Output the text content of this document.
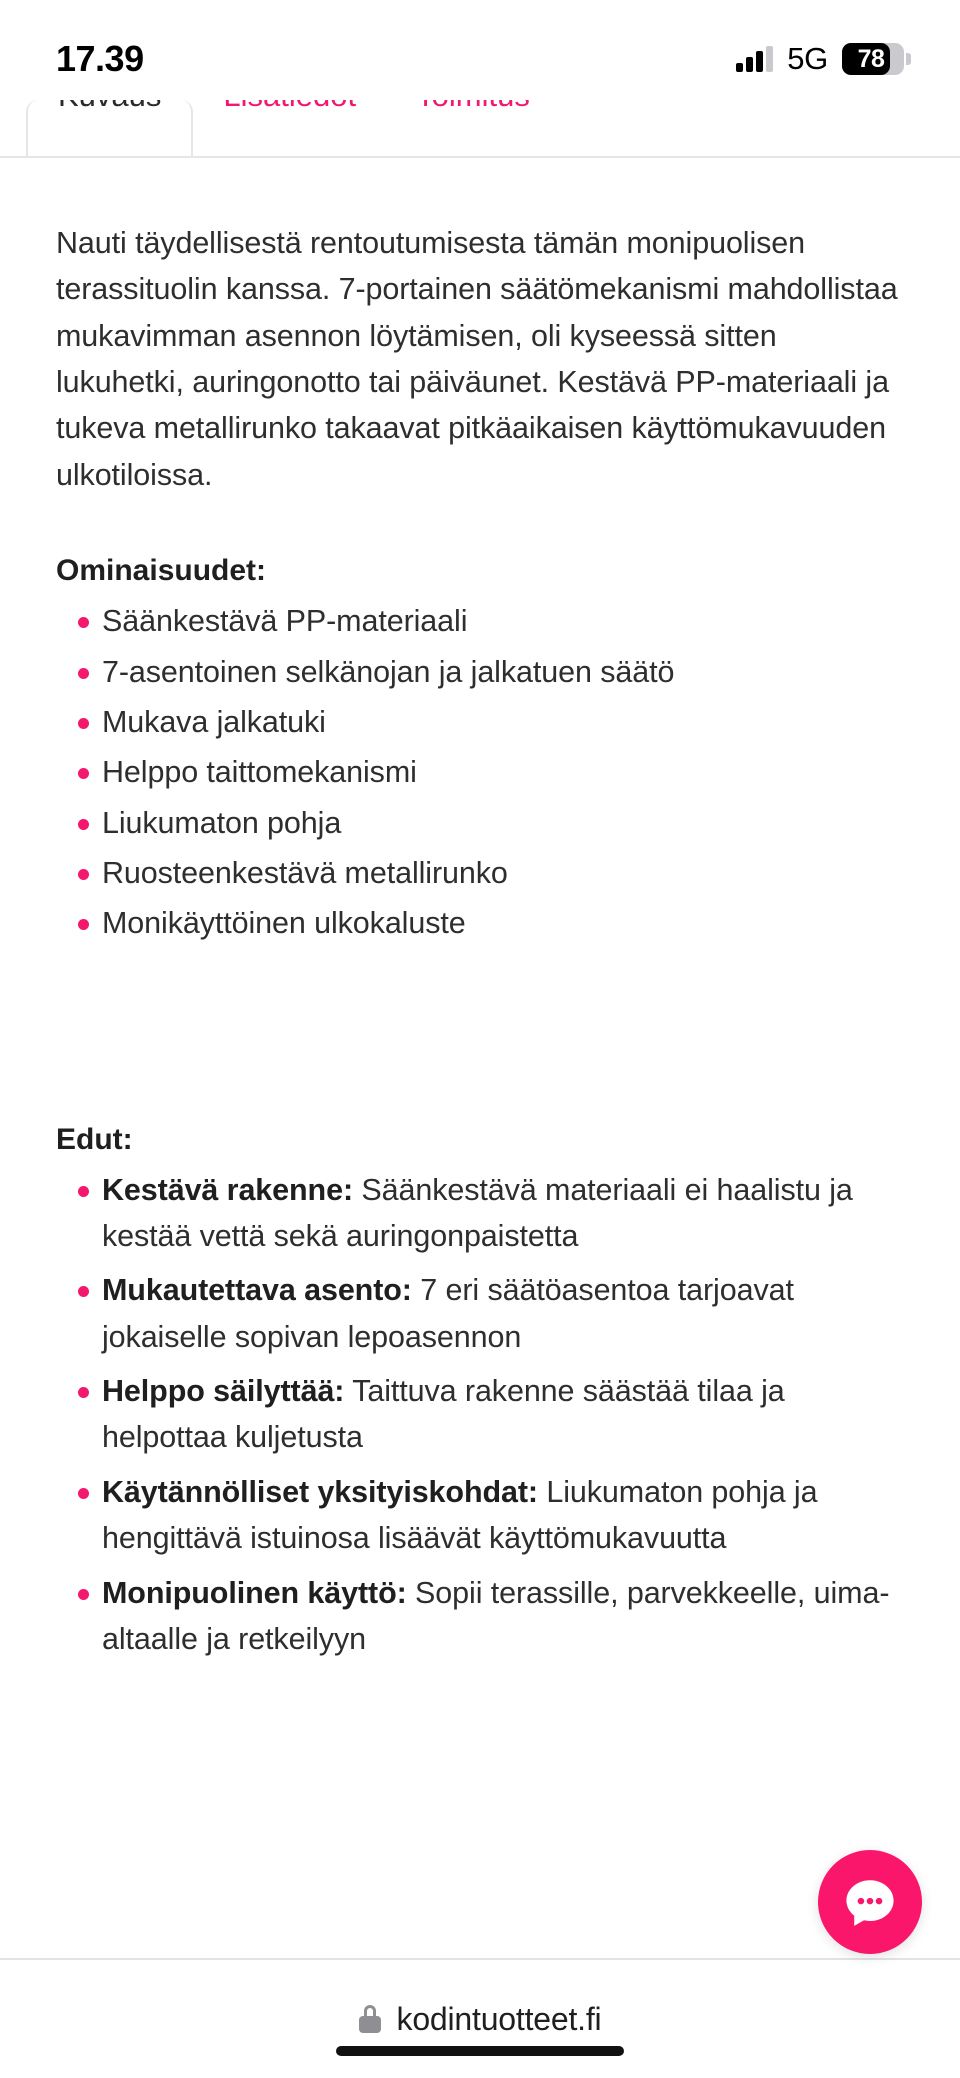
17.39	5G	78

Nauti täydellisestä rentoutumisesta tämän monipuolisen terassituolin kanssa. 7-portainen säätömekanismi mahdollistaa mukavimman asennon löytämisen, oli kyseessä sitten lukuhetki, auringonotto tai päiväunet. Kestävä PP-materiaali ja tukeva metallirunko takaavat pitkäaikaisen käyttömukavuuden ulkotiloissa.

Ominaisuudet:
Säänkestävä PP-materiaali
7-asentoinen selkänojan ja jalkatuen säätö
Mukava jalkatuki
Helppo taittomekanismi
Liukumaton pohja
Ruosteenkestävä metallirunko
Monikäyttöinen ulkokaluste
Edut:
Kestävä rakenne: Säänkestävä materiaali ei haalistu ja kestää vettä sekä auringonpaistetta
Mukautettava asento: 7 eri säätöasentoa tarjoavat jokaiselle sopivan lepoasennon
Helppo säilyttää: Taittuva rakenne säästää tilaa ja helpottaa kuljetusta
Käytännölliset yksityiskohdat: Liukumaton pohja ja hengittävä istuinosa lisäävät käyttömukavuutta
Monipuolinen käyttö: Sopii terassille, parvekkeelle, uima-altaalle ja retkeilyyn
kodintuotteet.fi
